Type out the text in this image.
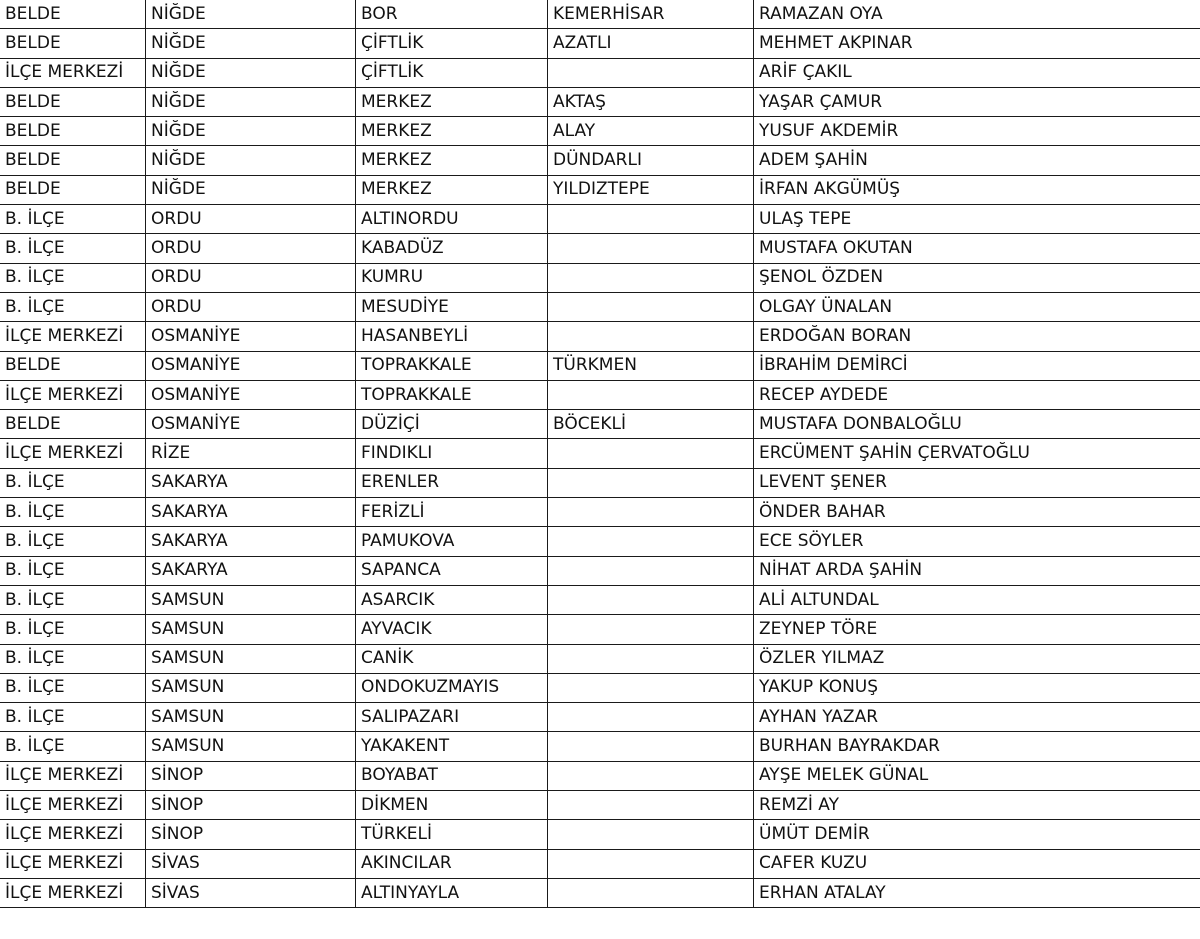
BELDE	NİĞDE	BOR	KEMERHİSAR	RAMAZAN OYA
BELDE	NİĞDE	ÇİFTLİK	AZATLI	MEHMET AKPINAR
İLÇE MERKEZİ	NİĞDE	ÇİFTLİK		ARİF ÇAKIL
BELDE	NİĞDE	MERKEZ	AKTAŞ	YAŞAR ÇAMUR
BELDE	NİĞDE	MERKEZ	ALAY	YUSUF AKDEMİR
BELDE	NİĞDE	MERKEZ	DÜNDARLI	ADEM ŞAHİN
BELDE	NİĞDE	MERKEZ	YILDIZTEPE	İRFAN AKGÜMÜŞ
B. İLÇE	ORDU	ALTINORDU		ULAŞ TEPE
B. İLÇE	ORDU	KABADÜZ		MUSTAFA OKUTAN
B. İLÇE	ORDU	KUMRU		ŞENOL ÖZDEN
B. İLÇE	ORDU	MESUDİYE		OLGAY ÜNALAN
İLÇE MERKEZİ	OSMANİYE	HASANBEYLİ		ERDOĞAN BORAN
BELDE	OSMANİYE	TOPRAKKALE	TÜRKMEN	İBRAHİM DEMİRCİ
İLÇE MERKEZİ	OSMANİYE	TOPRAKKALE		RECEP AYDEDE
BELDE	OSMANİYE	DÜZİÇİ	BÖCEKLİ	MUSTAFA DONBALOĞLU
İLÇE MERKEZİ	RİZE	FINDIKLI		ERCÜMENT ŞAHİN ÇERVATOĞLU
B. İLÇE	SAKARYA	ERENLER		LEVENT ŞENER
B. İLÇE	SAKARYA	FERİZLİ		ÖNDER BAHAR
B. İLÇE	SAKARYA	PAMUKOVA		ECE SÖYLER
B. İLÇE	SAKARYA	SAPANCA		NİHAT ARDA ŞAHİN
B. İLÇE	SAMSUN	ASARCIK		ALİ ALTUNDAL
B. İLÇE	SAMSUN	AYVACIK		ZEYNEP TÖRE
B. İLÇE	SAMSUN	CANİK		ÖZLER YILMAZ
B. İLÇE	SAMSUN	ONDOKUZMAYIS		YAKUP KONUŞ
B. İLÇE	SAMSUN	SALIPAZARI		AYHAN YAZAR
B. İLÇE	SAMSUN	YAKAKENT		BURHAN BAYRAKDAR
İLÇE MERKEZİ	SİNOP	BOYABAT		AYŞE MELEK GÜNAL
İLÇE MERKEZİ	SİNOP	DİKMEN		REMZİ AY
İLÇE MERKEZİ	SİNOP	TÜRKELİ		ÜMÜT DEMİR
İLÇE MERKEZİ	SİVAS	AKINCILAR		CAFER KUZU
İLÇE MERKEZİ	SİVAS	ALTINYAYLA		ERHAN ATALAY
